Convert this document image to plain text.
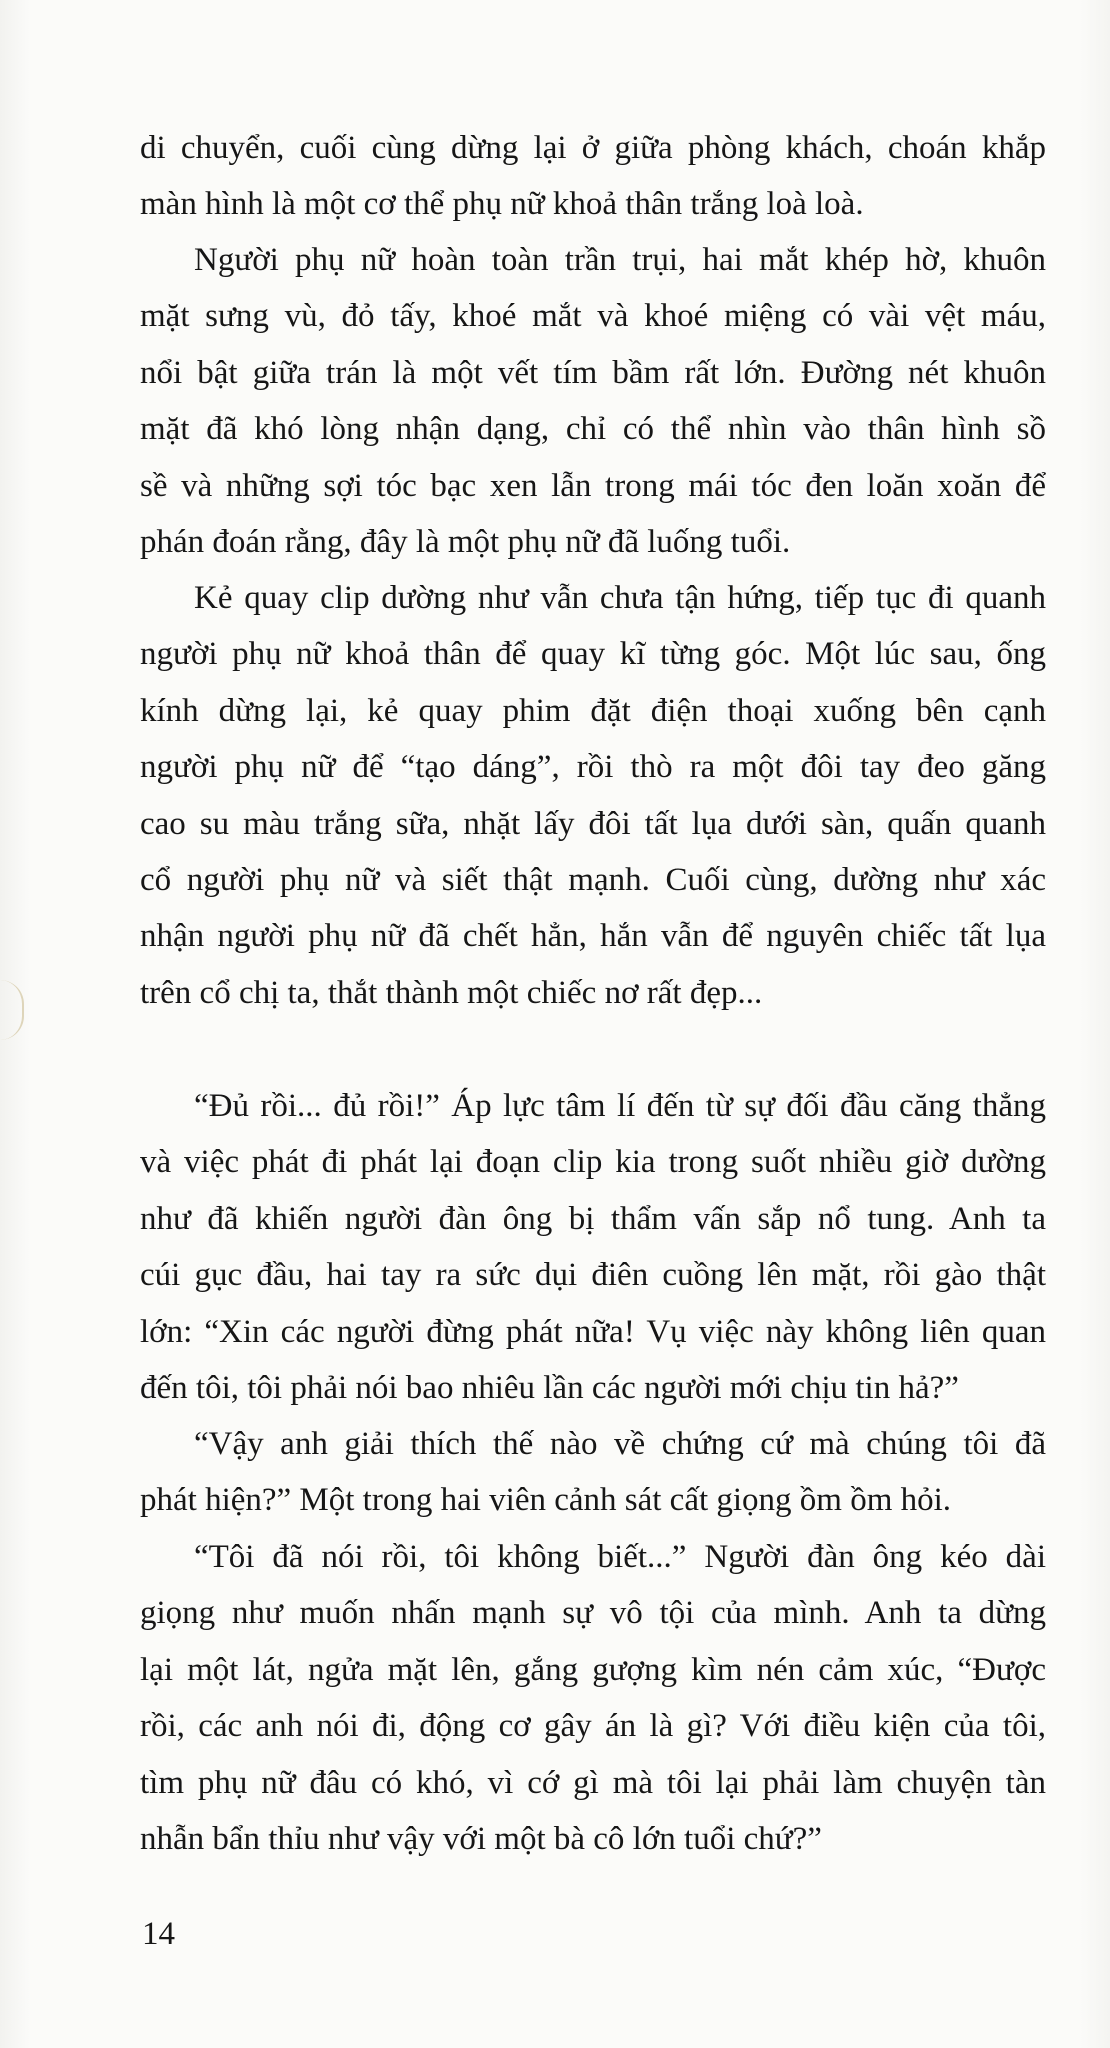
di chuyển, cuối cùng dừng lại ở giữa phòng khách, choán khắp
màn hình là một cơ thể phụ nữ khoả thân trắng loà loà.
Người phụ nữ hoàn toàn trần trụi, hai mắt khép hờ, khuôn
mặt sưng vù, đỏ tấy, khoé mắt và khoé miệng có vài vệt máu,
nổi bật giữa trán là một vết tím bầm rất lớn. Đường nét khuôn
mặt đã khó lòng nhận dạng, chỉ có thể nhìn vào thân hình sồ
sề và những sợi tóc bạc xen lẫn trong mái tóc đen loăn xoăn để
phán đoán rằng, đây là một phụ nữ đã luống tuổi.
Kẻ quay clip dường như vẫn chưa tận hứng, tiếp tục đi quanh
người phụ nữ khoả thân để quay kĩ từng góc. Một lúc sau, ống
kính dừng lại, kẻ quay phim đặt điện thoại xuống bên cạnh
người phụ nữ để “tạo dáng”, rồi thò ra một đôi tay đeo găng
cao su màu trắng sữa, nhặt lấy đôi tất lụa dưới sàn, quấn quanh
cổ người phụ nữ và siết thật mạnh. Cuối cùng, dường như xác
nhận người phụ nữ đã chết hẳn, hắn vẫn để nguyên chiếc tất lụa
trên cổ chị ta, thắt thành một chiếc nơ rất đẹp...
“Đủ rồi... đủ rồi!” Áp lực tâm lí đến từ sự đối đầu căng thẳng
và việc phát đi phát lại đoạn clip kia trong suốt nhiều giờ dường
như đã khiến người đàn ông bị thẩm vấn sắp nổ tung. Anh ta
cúi gục đầu, hai tay ra sức dụi điên cuồng lên mặt, rồi gào thật
lớn: “Xin các người đừng phát nữa! Vụ việc này không liên quan
đến tôi, tôi phải nói bao nhiêu lần các người mới chịu tin hả?”
“Vậy anh giải thích thế nào về chứng cứ mà chúng tôi đã
phát hiện?” Một trong hai viên cảnh sát cất giọng ồm ồm hỏi.
“Tôi đã nói rồi, tôi không biết...” Người đàn ông kéo dài
giọng như muốn nhấn mạnh sự vô tội của mình. Anh ta dừng
lại một lát, ngửa mặt lên, gắng gượng kìm nén cảm xúc, “Được
rồi, các anh nói đi, động cơ gây án là gì? Với điều kiện của tôi,
tìm phụ nữ đâu có khó, vì cớ gì mà tôi lại phải làm chuyện tàn
nhẫn bẩn thỉu như vậy với một bà cô lớn tuổi chứ?”
14
